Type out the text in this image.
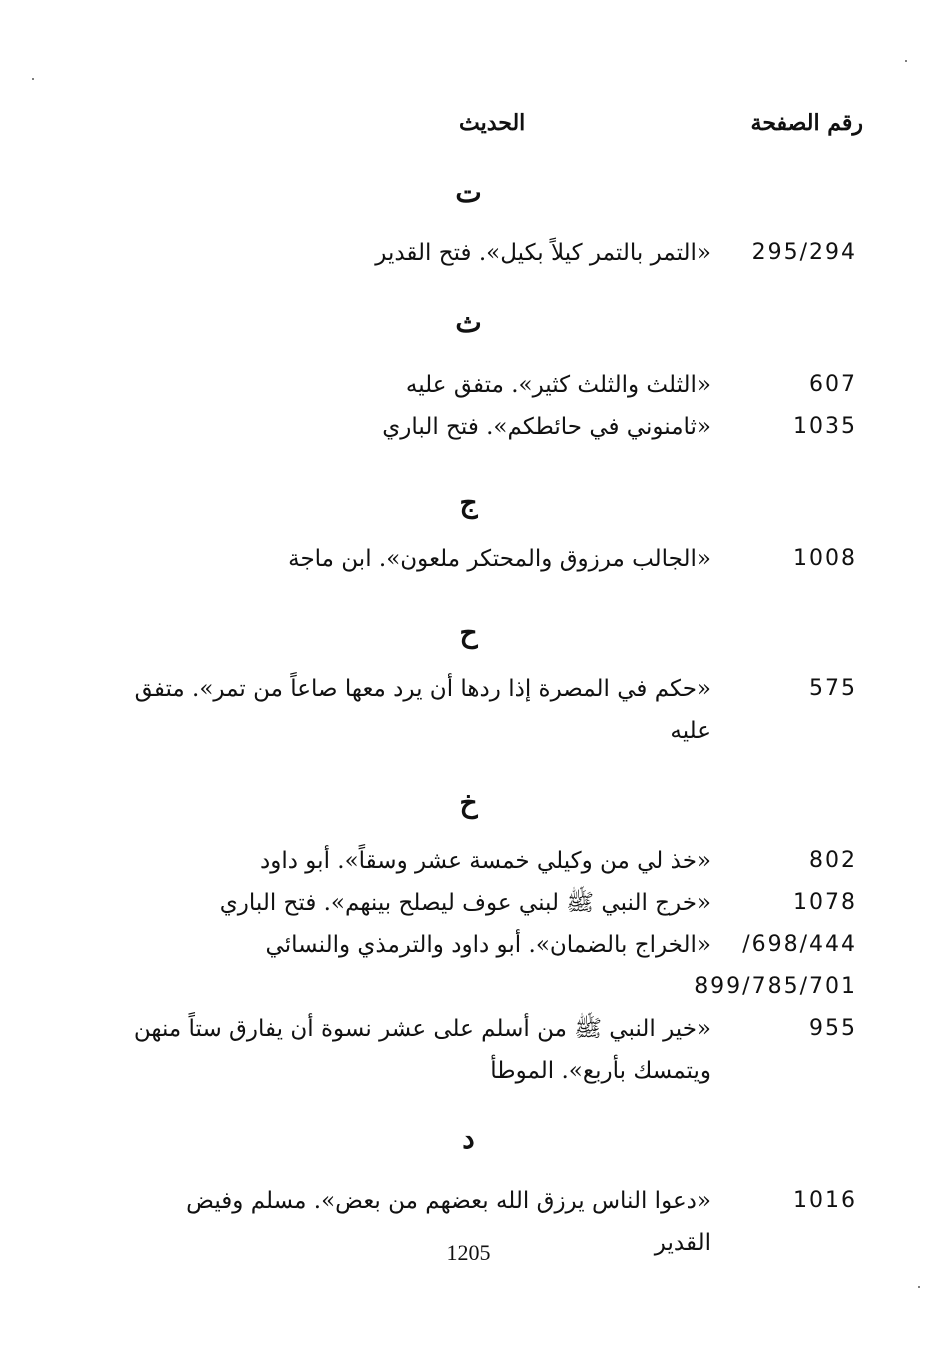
رقم الصفحة
الحديث
ت
295/294
«التمر بالتمر كيلاً بكيل». فتح القدير
ث
607
«الثلث والثلث كثير». متفق عليه
1035
«ثامنوني في حائطكم». فتح الباري
ج
1008
«الجالب مرزوق والمحتكر ملعون». ابن ماجة
ح
575
«حكم في المصرة إذا ردها أن يرد معها صاعاً من تمر». متفق عليه
خ
802
«خذ لي من وكيلي خمسة عشر وسقاً». أبو داود
1078
«خرج النبي ﷺ لبني عوف ليصلح بينهم». فتح الباري
/698/444
«الخراج بالضمان». أبو داود والترمذي والنسائي
899/785/701
955
«خير النبي ﷺ من أسلم على عشر نسوة أن يفارق ستاً منهن ويتمسك بأربع». الموطأ
د
1016
«دعوا الناس يرزق الله بعضهم من بعض». مسلم وفيض القدير
1205
